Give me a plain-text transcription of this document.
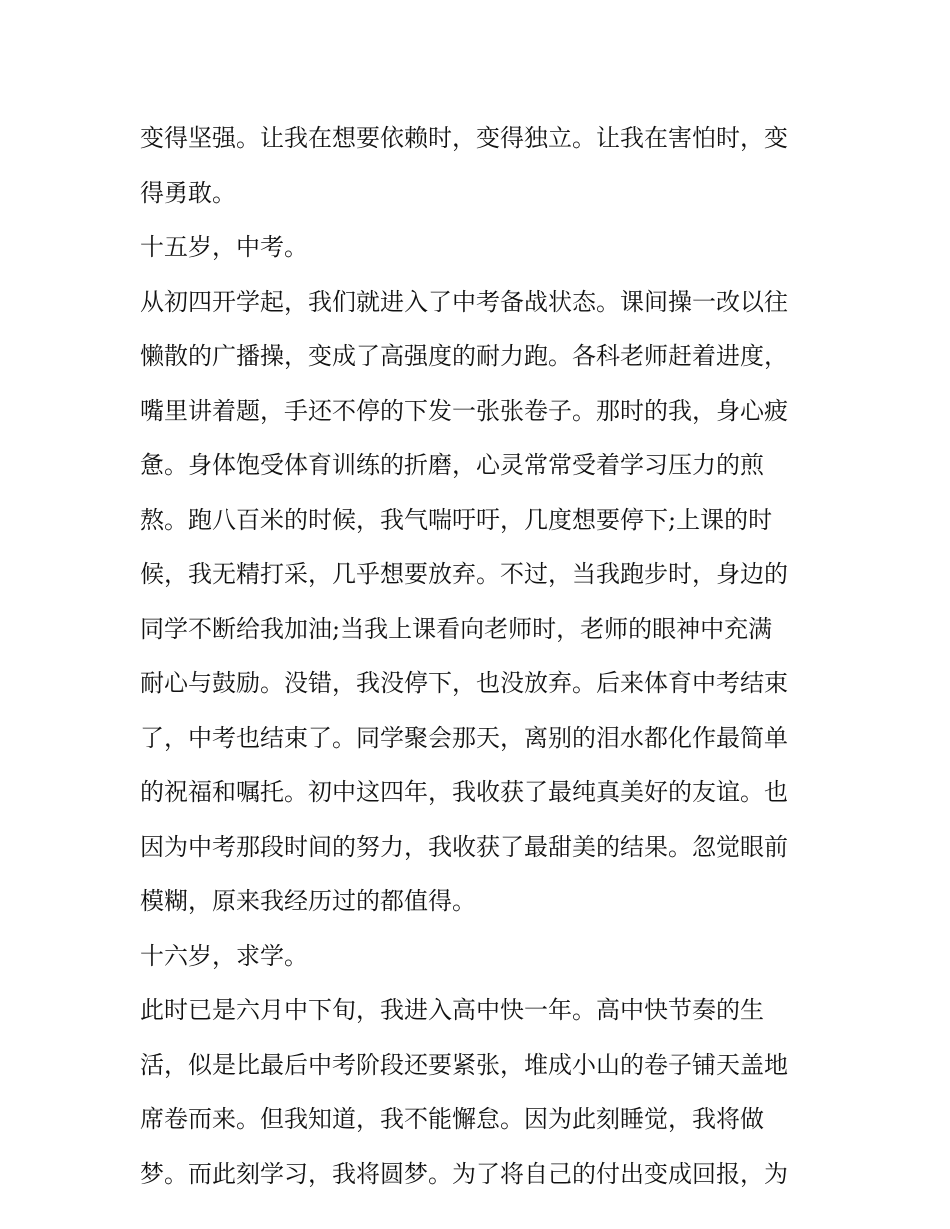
变得坚强。让我在想要依赖时，变得独立。让我在害怕时，变
得勇敢。
十五岁，中考。
从初四开学起，我们就进入了中考备战状态。课间操一改以往
懒散的广播操，变成了高强度的耐力跑。各科老师赶着进度，
嘴里讲着题，手还不停的下发一张张卷子。那时的我，身心疲
惫。身体饱受体育训练的折磨，心灵常常受着学习压力的煎
熬。跑八百米的时候，我气喘吁吁，几度想要停下;上课的时
候，我无精打采，几乎想要放弃。不过，当我跑步时，身边的
同学不断给我加油;当我上课看向老师时，老师的眼神中充满
耐心与鼓励。没错，我没停下，也没放弃。后来体育中考结束
了，中考也结束了。同学聚会那天，离别的泪水都化作最简单
的祝福和嘱托。初中这四年，我收获了最纯真美好的友谊。也
因为中考那段时间的努力，我收获了最甜美的结果。忽觉眼前
模糊，原来我经历过的都值得。
十六岁，求学。
此时已是六月中下旬，我进入高中快一年。高中快节奏的生
活，似是比最后中考阶段还要紧张，堆成小山的卷子铺天盖地
席卷而来。但我知道，我不能懈怠。因为此刻睡觉，我将做
梦。而此刻学习，我将圆梦。为了将自己的付出变成回报，为
